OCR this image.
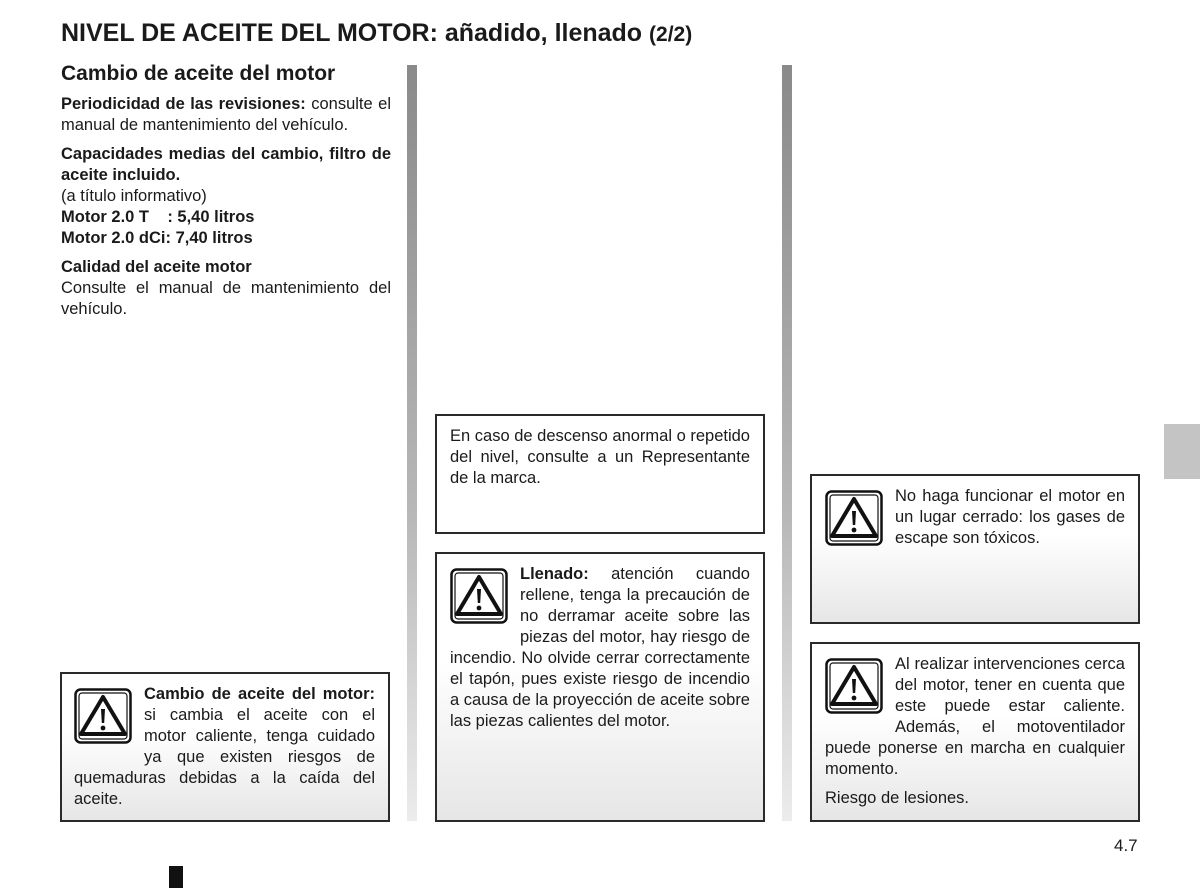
NIVEL DE ACEITE DEL MOTOR: añadido, llenado (2/2)
Cambio de aceite del motor

Periodicidad de las revisiones: consulte el manual de mantenimiento del vehículo.

Capacidades medias del cambio, filtro de aceite incluido.
(a título informativo)
Motor 2.0 T    : 5,40 litros
Motor 2.0 dCi: 7,40 litros

Calidad del aceite motor
Consulte el manual de mantenimiento del vehículo.

Cambio de aceite del motor: si cambia el aceite con el motor caliente, tenga cuidado ya que existen riesgos de quemaduras debidas a la caída del aceite.

En caso de descenso anormal o repetido del nivel, consulte a un Representante de la marca.

Llenado: atención cuando rellene, tenga la precaución de no derramar aceite sobre las piezas del motor, hay riesgo de incendio. No olvide cerrar correctamente el tapón, pues existe riesgo de incendio a causa de la proyección de aceite sobre las piezas calientes del motor.

No haga funcionar el motor en un lugar cerrado: los gases de escape son tóxicos.

Al realizar intervenciones cerca del motor, tener en cuenta que este puede estar caliente. Además, el motoventilador puede ponerse en marcha en cualquier momento.

Riesgo de lesiones.

4.7
